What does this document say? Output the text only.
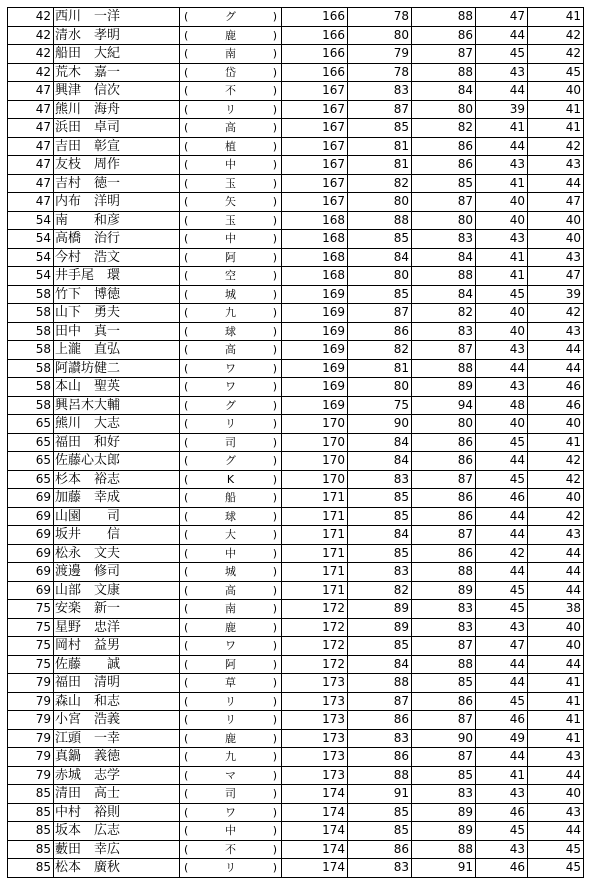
42	西川　一洋	( グ )	166	78	88	47	41
42	清水　孝明	( 鹿 )	166	80	86	44	42
42	船田　大紀	( 南 )	166	79	87	45	42
42	荒木　嘉一	( 岱 )	166	78	88	43	45
47	興津　信次	( 不 )	167	83	84	44	40
47	熊川　海舟	( リ )	167	87	80	39	41
47	浜田　卓司	( 高 )	167	85	82	41	41
47	吉田　彰宣	( 植 )	167	81	86	44	42
47	友枝　周作	( 中 )	167	81	86	43	43
47	吉村　徳一	( 玉 )	167	82	85	41	44
47	内布　洋明	( 矢 )	167	80	87	40	47
54	南　　和彦	( 玉 )	168	88	80	40	40
54	高橋　治行	( 中 )	168	85	83	43	40
54	今村　浩文	( 阿 )	168	84	84	41	43
54	井手尾　環	( 空 )	168	80	88	41	47
58	竹下　博徳	( 城 )	169	85	84	45	39
58	山下　勇夫	( 九 )	169	87	82	40	42
58	田中　真一	( 球 )	169	86	83	40	43
58	上瀧　直弘	( 高 )	169	82	87	43	44
58	阿讃坊健二	( ワ )	169	81	88	44	44
58	本山　聖英	( ワ )	169	80	89	43	46
58	興呂木大輔	( グ )	169	75	94	48	46
65	熊川　大志	( リ )	170	90	80	40	40
65	福田　和好	( 司 )	170	84	86	45	41
65	佐藤心太郎	( グ )	170	84	86	44	42
65	杉本　裕志	( K )	170	83	87	45	42
69	加藤　幸成	( 船 )	171	85	86	46	40
69	山園　　司	( 球 )	171	85	86	44	42
69	坂井　　信	( 大 )	171	84	87	44	43
69	松永　文夫	( 中 )	171	85	86	42	44
69	渡邊　修司	( 城 )	171	83	88	44	44
69	山部　文康	( 高 )	171	82	89	45	44
75	安楽　新一	( 南 )	172	89	83	45	38
75	星野　忠洋	( 鹿 )	172	89	83	43	40
75	岡村　益男	( ワ )	172	85	87	47	40
75	佐藤　　誠	( 阿 )	172	84	88	44	44
79	福田　清明	( 草 )	173	88	85	44	41
79	森山　和志	( リ )	173	87	86	45	41
79	小宮　浩義	( リ )	173	86	87	46	41
79	江頭　一幸	( 鹿 )	173	83	90	49	41
79	真鍋　義徳	( 九 )	173	86	87	44	43
79	赤城　志学	( マ )	173	88	85	41	44
85	清田　高士	( 司 )	174	91	83	43	40
85	中村　裕則	( ワ )	174	85	89	46	43
85	坂本　広志	( 中 )	174	85	89	45	44
85	藪田　幸広	( 不 )	174	86	88	43	45
85	松本　廣秋	( リ )	174	83	91	46	45
